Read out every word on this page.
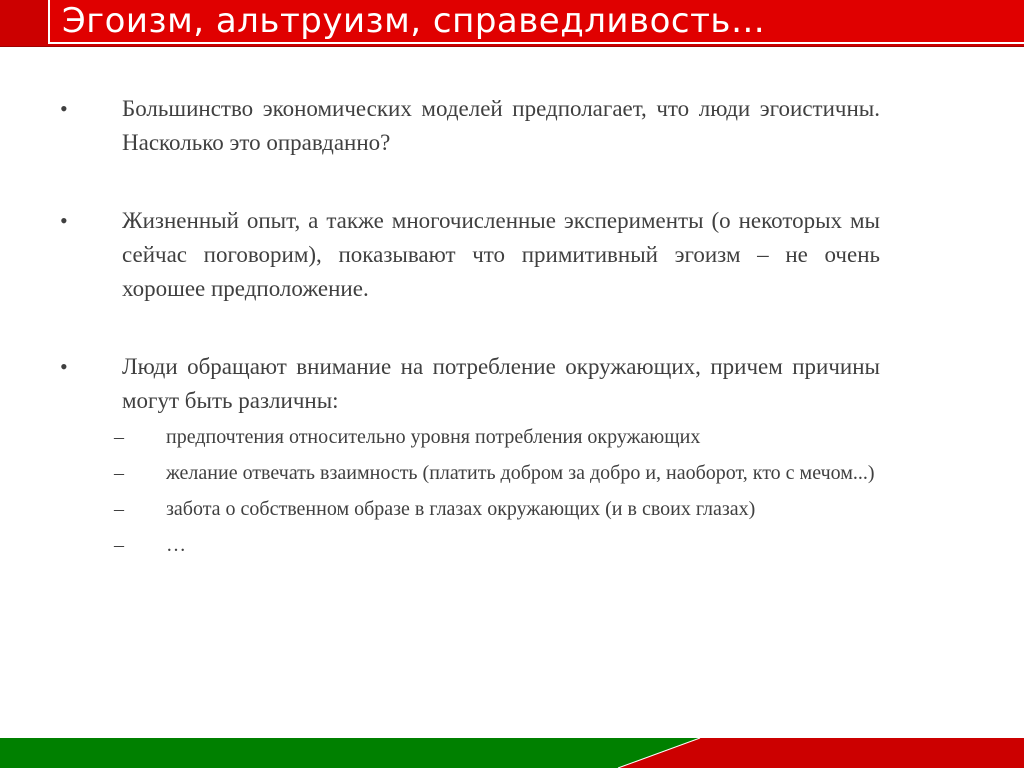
Эгоизм, альтруизм, справедливость…
• Большинство экономических моделей предполагает, что люди эгоистичны. Насколько это оправданно?
• Жизненный опыт, а также многочисленные эксперименты (о некоторых мы сейчас поговорим), показывают что примитивный эгоизм – не очень хорошее предположение.
• Люди обращают внимание на потребление окружающих, причем причины могут быть различны:
– предпочтения относительно уровня потребления окружающих
– желание отвечать взаимность (платить добром за добро и, наоборот, кто с мечом...)
– забота о собственном образе в глазах окружающих (и в своих глазах)
– …
